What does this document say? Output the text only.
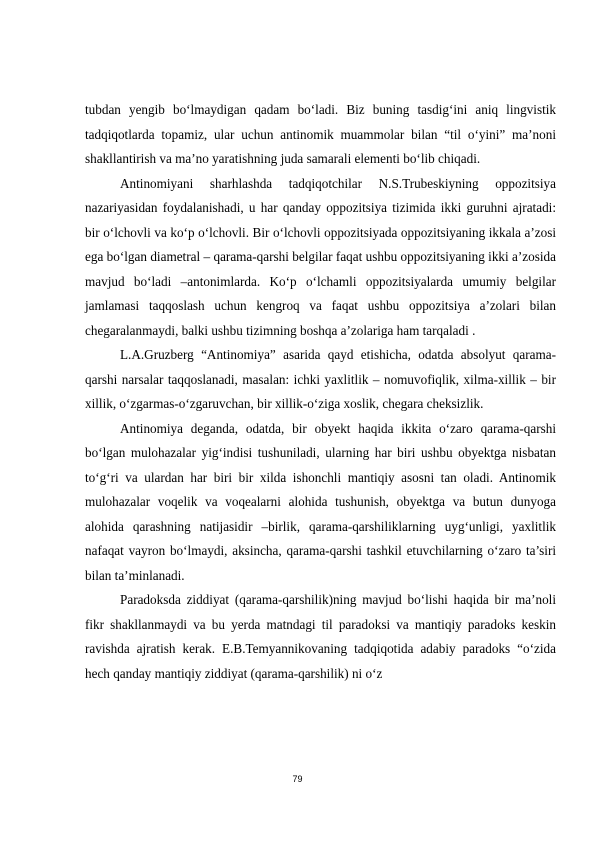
tubdan yengib bo‘lmaydigan qadam bo‘ladi. Biz buning tasdig‘ini aniq lingvistik tadqiqotlarda topamiz, ular uchun antinomik muammolar bilan “til o‘yini” ma’noni shakllantirish va ma’no yaratishning juda samarali elementi bo‘lib chiqadi.

Antinomiyani sharhlashda tadqiqotchilar N.S.Trubeskiyning oppozitsiya nazariyasidan foydalanishadi, u har qanday oppozitsiya tizimida ikki guruhni ajratadi: bir o‘lchovli va ko‘p o‘lchovli. Bir o‘lchovli oppozitsiyada oppozitsiyaning ikkala a’zosi ega bo‘lgan diametral – qarama-qarshi belgilar faqat ushbu oppozitsiyaning ikki a’zosida mavjud bo‘ladi –antonimlarda. Ko‘p o‘lchamli oppozitsiyalarda umumiy belgilar jamlamasi taqqoslash uchun kengroq va faqat ushbu oppozitsiya a’zolari bilan chegaralanmaydi, balki ushbu tizimning boshqa a’zolariga ham tarqaladi .

L.A.Gruzberg “Antinomiya” asarida qayd etishicha, odatda absolyut qarama-qarshi narsalar taqqoslanadi, masalan: ichki yaxlitlik – nomuvofiqlik, xilma-xillik – bir xillik, o‘zgarmas-o‘zgaruvchan, bir xillik-o‘ziga xoslik, chegara cheksizlik.

Antinomiya deganda, odatda, bir obyekt haqida ikkita o‘zaro qarama-qarshi bo‘lgan mulohazalar yig‘indisi tushuniladi, ularning har biri ushbu obyektga nisbatan to‘g‘ri va ulardan har biri bir xilda ishonchli mantiqiy asosni tan oladi. Antinomik mulohazalar voqelik va voqealarni alohida tushunish, obyektga va butun dunyoga alohida qarashning natijasidir –birlik, qarama-qarshiliklarning uyg‘unligi, yaxlitlik nafaqat vayron bo‘lmaydi, aksincha, qarama-qarshi tashkil etuvchilarning o‘zaro ta’siri bilan ta’minlanadi.

Paradoksda ziddiyat (qarama-qarshilik)ning mavjud bo‘lishi haqida bir ma’noli fikr shakllanmaydi va bu yerda matndagi til paradoksi va mantiqiy paradoks keskin ravishda ajratish kerak. E.B.Temyannikovaning tadqiqotida adabiy paradoks “o‘zida hech qanday mantiqiy ziddiyat (qarama-qarshilik) ni o‘z

79
